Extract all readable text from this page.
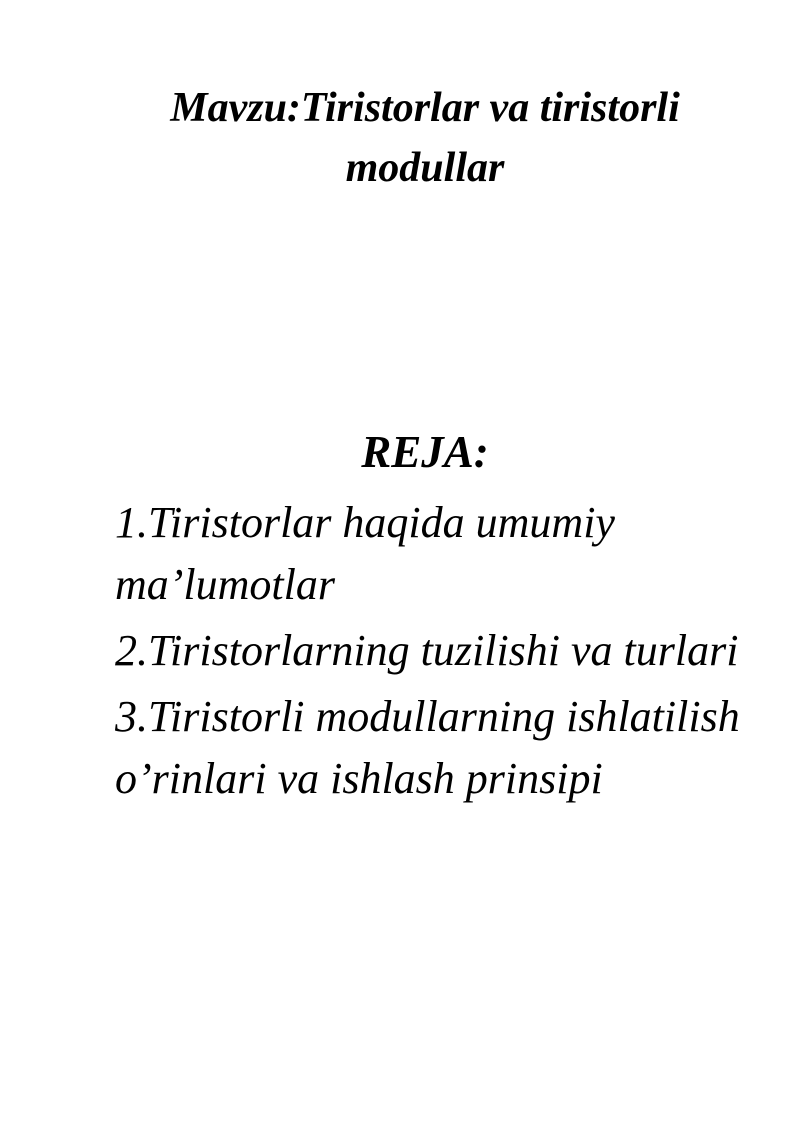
Mavzu:Tiristorlar va tiristorli modullar
REJA:
1.Tiristorlar haqida umumiy ma’lumotlar
2.Tiristorlarning tuzilishi va turlari
3.Tiristorli modullarning ishlatilish o’rinlari va ishlash prinsipi
